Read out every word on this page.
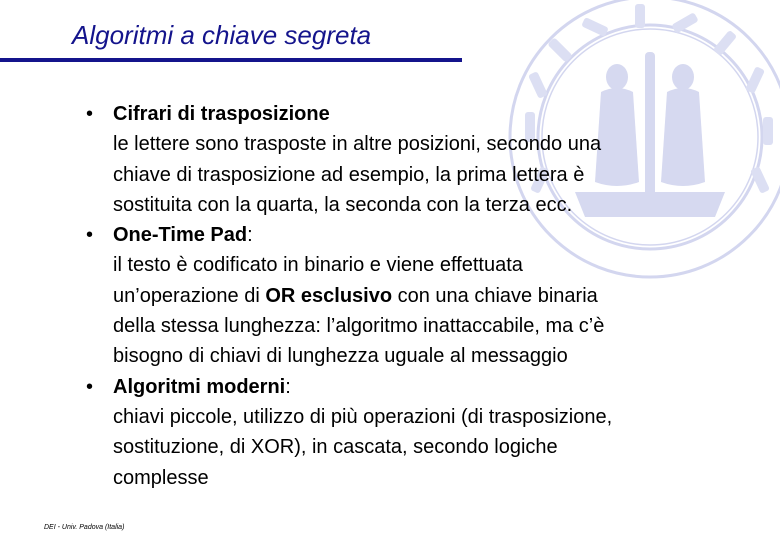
Algoritmi a chiave segreta
• Cifrari di trasposizione
le lettere sono trasposte in altre posizioni, secondo una
chiave di trasposizione ad esempio, la prima lettera è
sostituita con la quarta, la seconda con la terza ecc.
• One-Time Pad:
il testo è codificato in binario e viene effettuata
un’operazione di OR esclusivo con una chiave binaria
della stessa lunghezza: l’algoritmo inattaccabile, ma c’è
bisogno di chiavi di lunghezza uguale al messaggio
• Algoritmi moderni:
chiavi piccole, utilizzo di più operazioni (di trasposizione,
sostituzione, di XOR), in cascata, secondo logiche
complesse
DEI - Univ. Padova (Italia)
